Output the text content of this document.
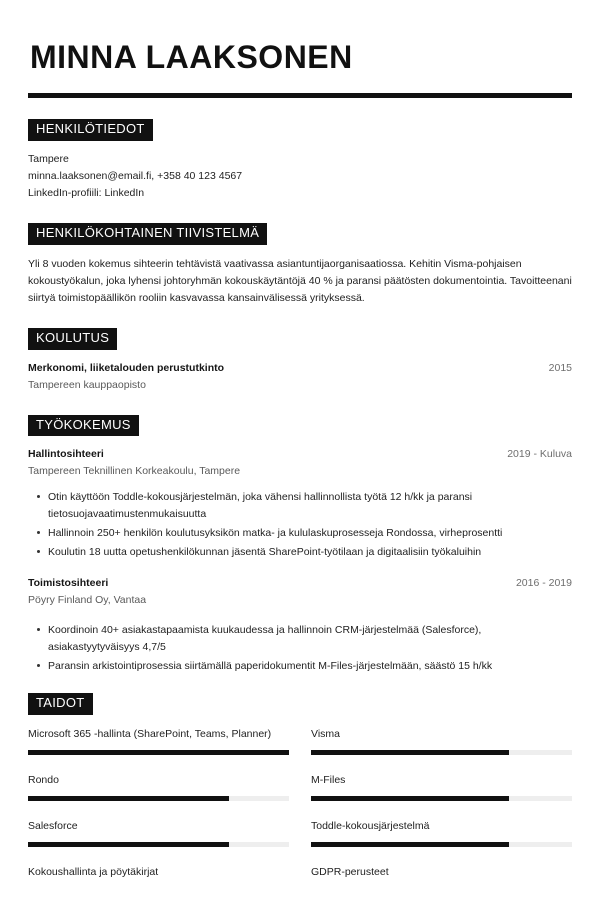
MINNA LAAKSONEN
HENKILÖTIEDOT
Tampere
minna.laaksonen@email.fi, +358 40 123 4567
LinkedIn-profiili: LinkedIn
HENKILÖKOHTAINEN TIIVISTELMÄ

Yli 8 vuoden kokemus sihteerin tehtävistä vaativassa asiantuntijaorganisaatiossa. Kehitin Visma-pohjaisen kokoustyökalun, joka lyhensi johtoryhmän kokouskäytäntöjä 40 % ja paransi päätösten dokumentointia. Tavoitteenani siirtyä toimistopäällikön rooliin kasvavassa kansainvälisessä yrityksessä.

KOULUTUS
Merkonomi, liiketalouden perustutkinto	2015
Tampereen kauppaopisto
TYÖKOKEMUS
Hallintosihteeri	2019 - Kuluva
Tampereen Teknillinen Korkeakoulu, Tampere
Otin käyttöön Toddle-kokousjärjestelmän, joka vähensi hallinnollista työtä 12 h/kk ja paransi tietosuojavaatimustenmukaisuutta
Hallinnoin 250+ henkilön koulutusyksikön matka- ja kululaskuprosesseja Rondossa, virheprosentti
Koulutin 18 uutta opetushenkilökunnan jäsentä SharePoint-työtilaan ja digitaalisiin työkaluihin
Toimistosihteeri	2016 - 2019
Pöyry Finland Oy, Vantaa
Koordinoin 40+ asiakastapaamista kuukaudessa ja hallinnoin CRM-järjestelmää (Salesforce), asiakastyytyväisyys 4,7/5
Paransin arkistointiprosessia siirtämällä paperidokumentit M-Files-järjestelmään, säästö 15 h/kk
TAIDOT
Microsoft 365 -hallinta (SharePoint, Teams, Planner)	Visma
Rondo	M-Files
Salesforce	Toddle-kokousjärjestelmä
Kokoushallinta ja pöytäkirjat	GDPR-perusteet
